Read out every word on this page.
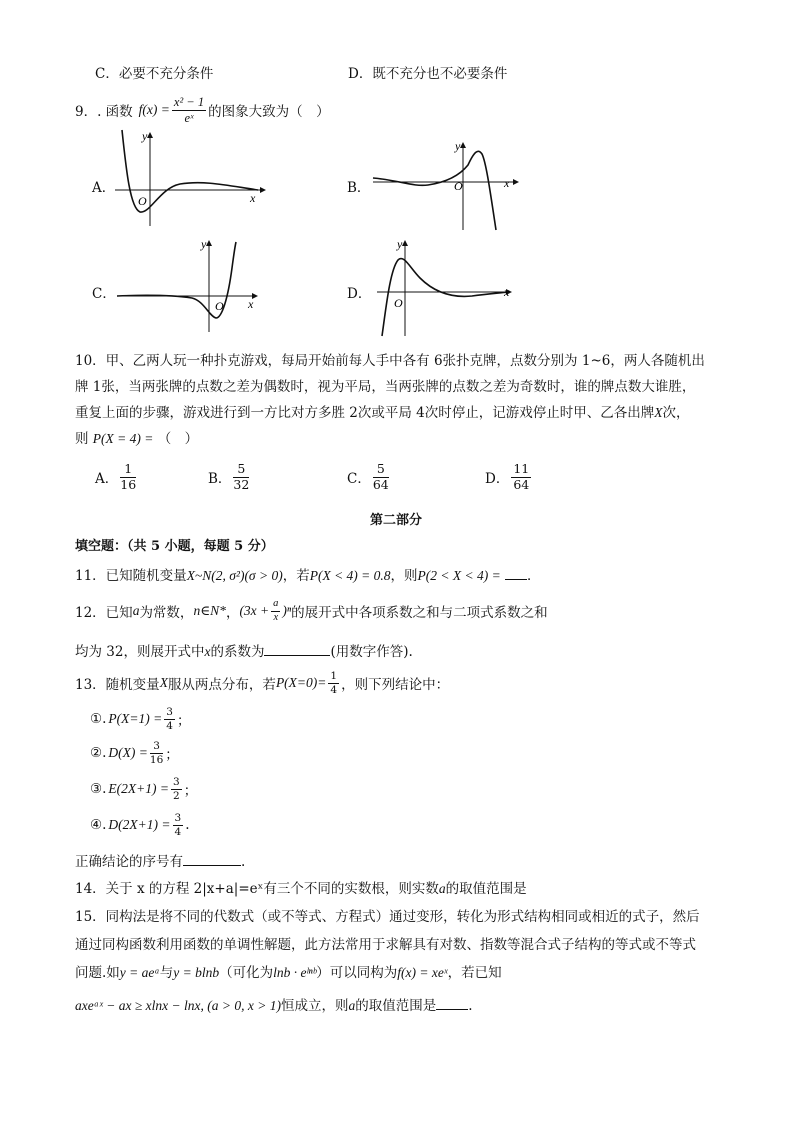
C．必要不充分条件	D．既不充分也不必要条件
9．. 函数 $f(x) = \frac{\text{x² − 1}}{\text{eˣ}}$ 的图象大致为（　）
A．	B．
C．	D．
y
x
O
y
x
O
y
x
O
y
x
O
10．甲、乙两人玩一种扑克游戏，每局开始前每人手中各有 6张扑克牌，点数分别为 1~6，两人各随机出
牌 1张，当两张牌的点数之差为偶数时，视为平局，当两张牌的点数之差为奇数时，谁的牌点数大谁胜，
重复上面的步骤，游戏进行到一方比对方多胜 2次或平局 4次时停止，记游戏停止时甲、乙各出牌X次，
则 P(X = 4) = （　）
A． $\frac{1}{16}$	B． $\frac{5}{32}$	C． $\frac{5}{64}$	D． $\frac{11}{64}$
第二部分
填空题：（共 5 小题，每题 5 分）
11．已知随机变量X~N(2, σ²)(σ > 0)，若P(X < 4) = 0.8，则P(2 < X < 4) = ．
12．已知 a 为常数， n∈N* ， $(3x + \frac{a}{x} )^n$ 的展开式中各项系数之和与二项式系数之和
均为 32，则展开式中x的系数为	(用数字作答).
13．随机变量 X 服从两点分布，若 $P(X=0)= \frac{1}{4}$ ，则下列结论中：
①. $P(X=1) = \frac{3}{4}$ ；
②. $D(X) = \frac{3}{16}$ ；
③. $E(2X+1) = \frac{3}{2}$ ；
④. $D(2X+1) = \frac{3}{4}$ .
正确结论的序号有	.
14．关于 x 的方程 2|x+a|=eˣ有三个不同的实数根，则实数a的取值范围是
15．同构法是将不同的代数式（或不等式、方程式）通过变形，转化为形式结构相同或相近的式子，然后
通过同构函数利用函数的单调性解题，此方法常用于求解具有对数、指数等混合式子结构的等式或不等式
问题.如y = aeᵃ与y = blnb（可化为lnb · eˡⁿᵇ）可以同构为f(x) = xeˣ，若已知
axeᵃˣ − ax ≥ xlnx − lnx, (a > 0, x > 1)恒成立，则a的取值范围是 .
